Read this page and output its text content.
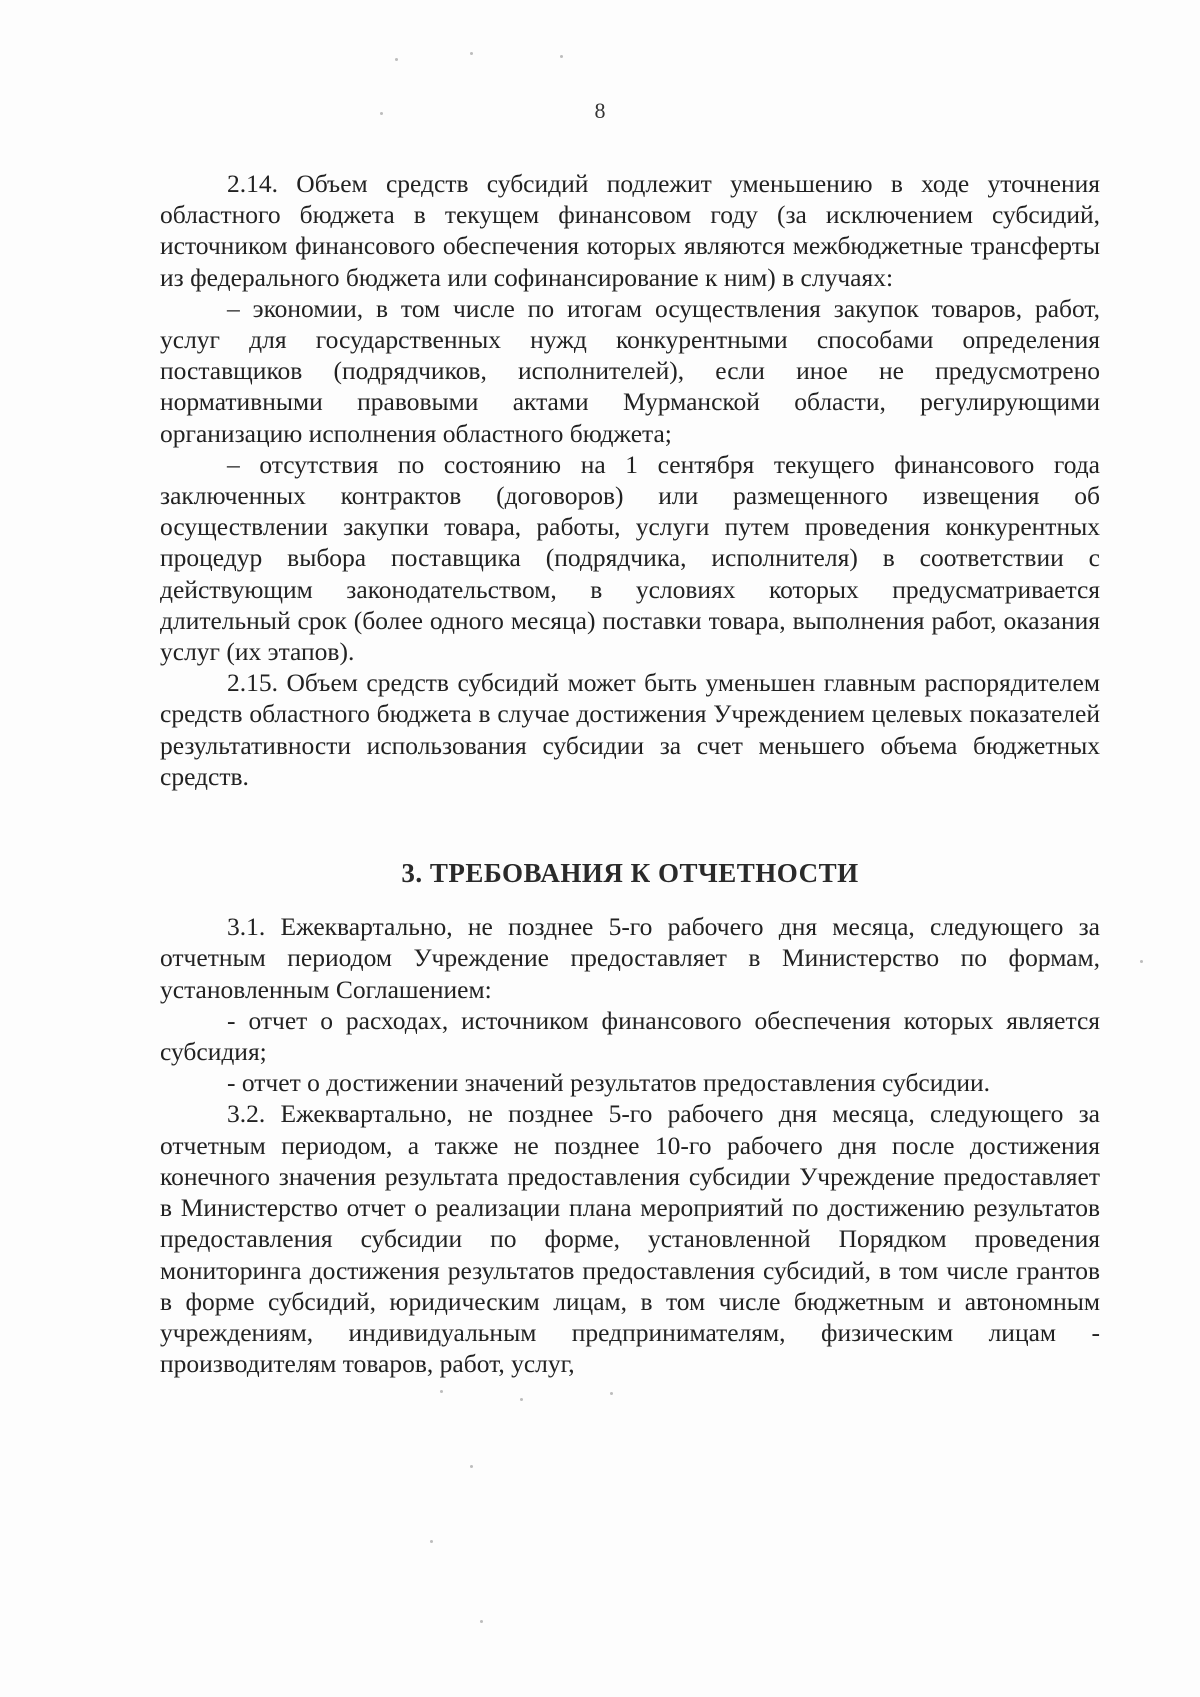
8

2.14. Объем средств субсидий подлежит уменьшению в ходе уточнения областного бюджета в текущем финансовом году (за исключением субсидий, источником финансового обеспечения которых являются межбюджетные трансферты из федерального бюджета или софинансирование к ним) в случаях:

– экономии, в том числе по итогам осуществления закупок товаров, работ, услуг для государственных нужд конкурентными способами определения поставщиков (подрядчиков, исполнителей), если иное не предусмотрено нормативными правовыми актами Мурманской области, регулирующими организацию исполнения областного бюджета;

– отсутствия по состоянию на 1 сентября текущего финансового года заключенных контрактов (договоров) или размещенного извещения об осуществлении закупки товара, работы, услуги путем проведения конкурентных процедур выбора поставщика (подрядчика, исполнителя) в соответствии с действующим законодательством, в условиях которых предусматривается длительный срок (более одного месяца) поставки товара, выполнения работ, оказания услуг (их этапов).

2.15. Объем средств субсидий может быть уменьшен главным распорядителем средств областного бюджета в случае достижения Учреждением целевых показателей результативности использования субсидии за счет меньшего объема бюджетных средств.

3. ТРЕБОВАНИЯ К ОТЧЕТНОСТИ

3.1. Ежеквартально, не позднее 5-го рабочего дня месяца, следующего за отчетным периодом Учреждение предоставляет в Министерство по формам, установленным Соглашением:

- отчет о расходах, источником финансового обеспечения которых является субсидия;

- отчет о достижении значений результатов предоставления субсидии.

3.2. Ежеквартально, не позднее 5-го рабочего дня месяца, следующего за отчетным периодом, а также не позднее 10-го рабочего дня после достижения конечного значения результата предоставления субсидии Учреждение предоставляет в Министерство отчет о реализации плана мероприятий по достижению результатов предоставления субсидии по форме, установленной Порядком проведения мониторинга достижения результатов предоставления субсидий, в том числе грантов в форме субсидий, юридическим лицам, в том числе бюджетным и автономным учреждениям, индивидуальным предпринимателям, физическим лицам - производителям товаров, работ, услуг,
